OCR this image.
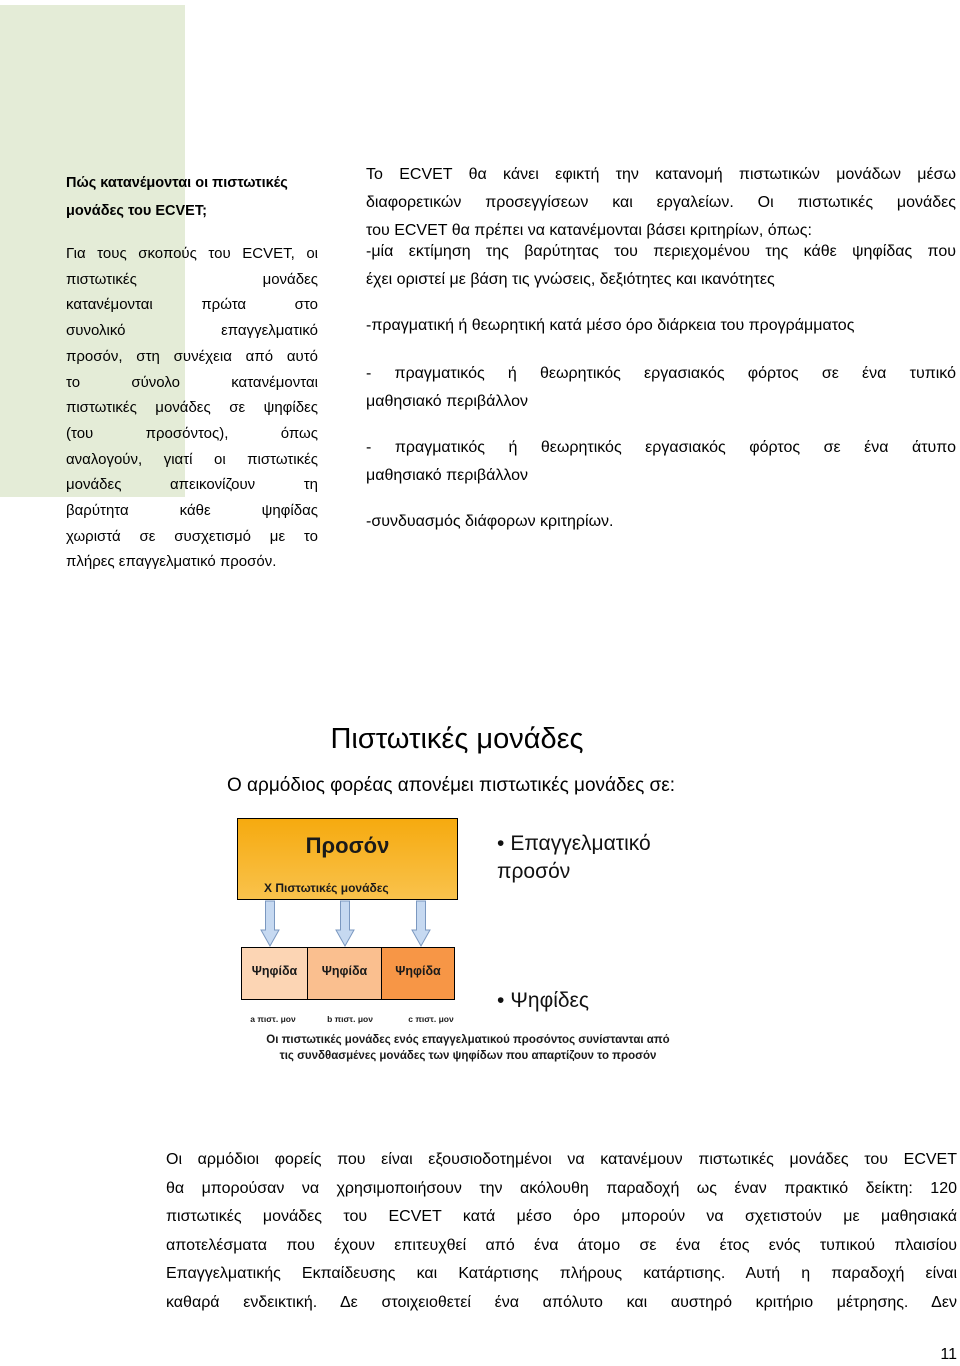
Πώς κατανέμονται οι πιστωτικές μονάδες του ECVET;
Για τους σκοπούς του ECVET, οι
πιστωτικές μονάδες
κατανέμονται πρώτα στο
συνολικό επαγγελματικό
προσόν, στη συνέχεια από αυτό
το σύνολο κατανέμονται
πιστωτικές μονάδες σε ψηφίδες
(του προσόντος), όπως
αναλογούν, γιατί οι πιστωτικές
μονάδες απεικονίζουν τη
βαρύτητα κάθε ψηφίδας
χωριστά σε συσχετισμό με το
πλήρες επαγγελματικό προσόν.
Το ECVET θα κάνει εφικτή την κατανομή πιστωτικών μονάδων μέσω
διαφορετικών προσεγγίσεων και εργαλείων. Οι πιστωτικές μονάδες
του ECVET θα πρέπει να κατανέμονται βάσει κριτηρίων, όπως:
-μία εκτίμηση της βαρύτητας του περιεχομένου της κάθε ψηφίδας που
έχει οριστεί με βάση τις γνώσεις, δεξιότητες και ικανότητες
-πραγματική ή θεωρητική κατά μέσο όρο διάρκεια του προγράμματος
- πραγματικός ή θεωρητικός εργασιακός φόρτος σε ένα τυπικό
μαθησιακό περιβάλλον
- πραγματικός ή θεωρητικός εργασιακός φόρτος σε ένα άτυπο
μαθησιακό περιβάλλον
-συνδυασμός διάφορων κριτηρίων.
Πιστωτικές μονάδες
Ο αρμόδιος φορέας απονέμει πιστωτικές μονάδες σε:
Προσόν
X Πιστωτικές μονάδες
Ψηφίδα	Ψηφίδα	Ψηφίδα
a πιστ. μον	b πιστ. μον	c πιστ. μον
• Επαγγελματικό προσόν
• Ψηφίδες
Οι πιστωτικές μονάδες ενός επαγγελματικού προσόντος συνίστανται από
τις συνδθασμένες μονάδες των ψηφίδων που απαρτίζουν το προσόν
Οι αρμόδιοι φορείς που είναι εξουσιοδοτημένοι να κατανέμουν πιστωτικές μονάδες του ECVET
θα μπορούσαν να χρησιμοποιήσουν την ακόλουθη παραδοχή ως έναν πρακτικό δείκτη: 120
πιστωτικές μονάδες του ECVET κατά μέσο όρο μπορούν να σχετιστούν με μαθησιακά
αποτελέσματα που έχουν επιτευχθεί από ένα άτομο σε ένα έτος ενός τυπικού πλαισίου
Επαγγελματικής Εκπαίδευσης και Κατάρτισης πλήρους κατάρτισης. Αυτή η παραδοχή είναι
καθαρά ενδεικτική. Δε στοιχειοθετεί ένα απόλυτο και αυστηρό κριτήριο μέτρησης. Δεν
11
